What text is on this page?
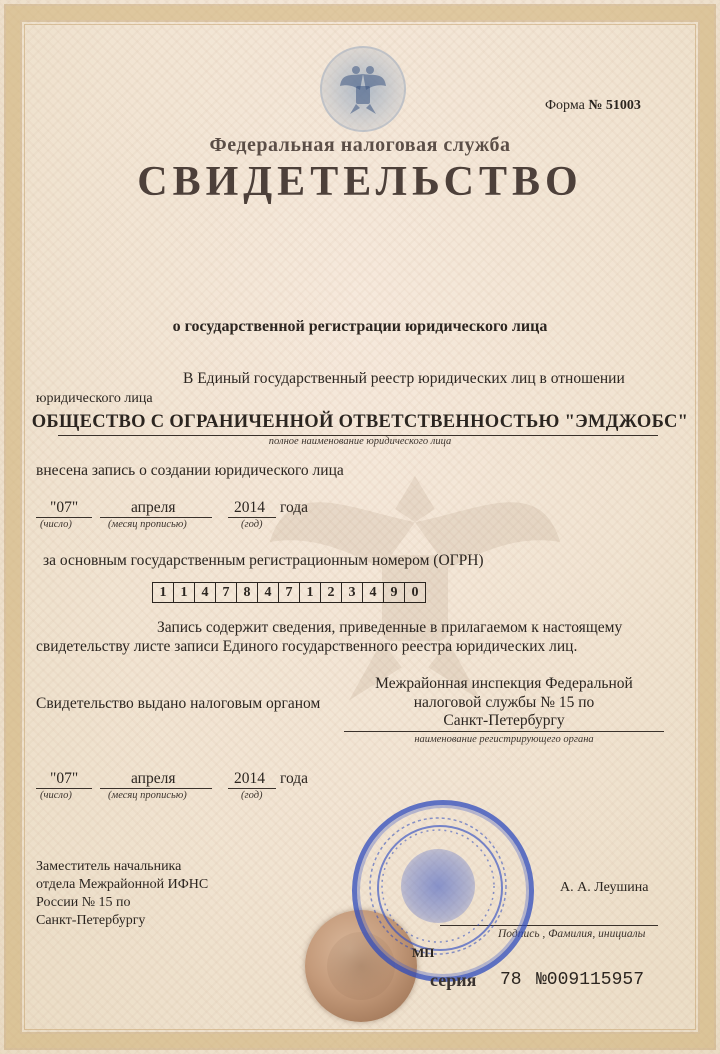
Форма № 51003
Федеральная налоговая служба
СВИДЕТЕЛЬСТВО
о государственной регистрации юридического лица
В Единый государственный реестр юридических лиц в отношении
юридического лица
ОБЩЕСТВО С ОГРАНИЧЕННОЙ ОТВЕТСТВЕННОСТЬЮ "ЭМДЖОБС"
полное наименование юридического лица
внесена запись о создании юридического лица
"07"	апреля	2014 года
(число)	(месяц прописью)	(год)
за основным государственным регистрационным номером (ОГРН)
1	1	4	7	8	4	7	1	2	3	4	9	0
Запись содержит сведения, приведенные в прилагаемом к настоящему
свидетельству листе записи Единого государственного реестра юридических лиц.
Свидетельство выдано налоговым органом
Межрайонная инспекция Федеральной
налоговой службы № 15 по
Санкт-Петербургу
наименование регистрирующего органа
"07"	апреля	2014 года
(число)	(месяц прописью)	(год)
Заместитель начальника
отдела Межрайонной ИФНС
России № 15 по
Санкт-Петербургу
А. А. Леушина
Подпись , Фамилия, инициалы
МП
серия 78 №009115957
